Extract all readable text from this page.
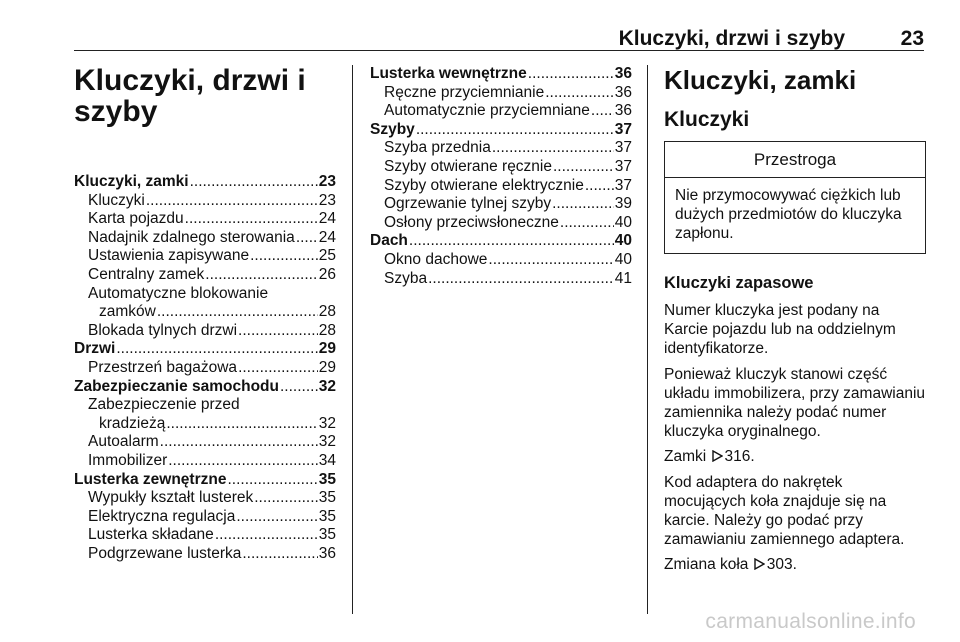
Kluczyki, drzwi i szyby	23
Kluczyki, drzwi i szyby
Kluczyki, zamki .....	23
Kluczyki .....	23
Karta pojazdu .....	24
Nadajnik zdalnego sterowania ..... 24
Ustawienia zapisywane .....	25
Centralny zamek .....	26
Automatyczne blokowanie
zamków .....	28
Blokada tylnych drzwi .....	28
Drzwi .....	29
Przestrzeń bagażowa .....	29
Zabezpieczanie samochodu .....	32
Zabezpieczenie przed
kradzieżą .....	32
Autoalarm .....	32
Immobilizer .....	34
Lusterka zewnętrzne .....	35
Wypukły kształt lusterek .....	35
Elektryczna regulacja .....	35
Lusterka składane .....	35
Podgrzewane lusterka .....	36
Lusterka wewnętrzne .....	36
Ręczne przyciemnianie .....	36
Automatycznie przyciemniane ..... 36
Szyby .....	37
Szyba przednia .....	37
Szyby otwierane ręcznie .....	37
Szyby otwierane elektrycznie ..... 37
Ogrzewanie tylnej szyby .....	39
Osłony przeciwsłoneczne .....	40
Dach .....	40
Okno dachowe .....	40
Szyba .....	41
Kluczyki, zamki
Kluczyki
Przestroga
Nie przymocowywać ciężkich lub dużych przedmiotów do kluczyka zapłonu.
Kluczyki zapasowe

Numer kluczyka jest podany na Karcie pojazdu lub na oddzielnym identyfikatorze.

Ponieważ kluczyk stanowi część układu immobilizera, przy zamawianiu zamiennika należy podać numer kluczyka oryginalnego.

Zamki 316.

Kod adaptera do nakrętek mocujących koła znajduje się na karcie. Należy go podać przy zamawianiu zamiennego adaptera.

Zmiana koła 303.

carmanualsonline.info
